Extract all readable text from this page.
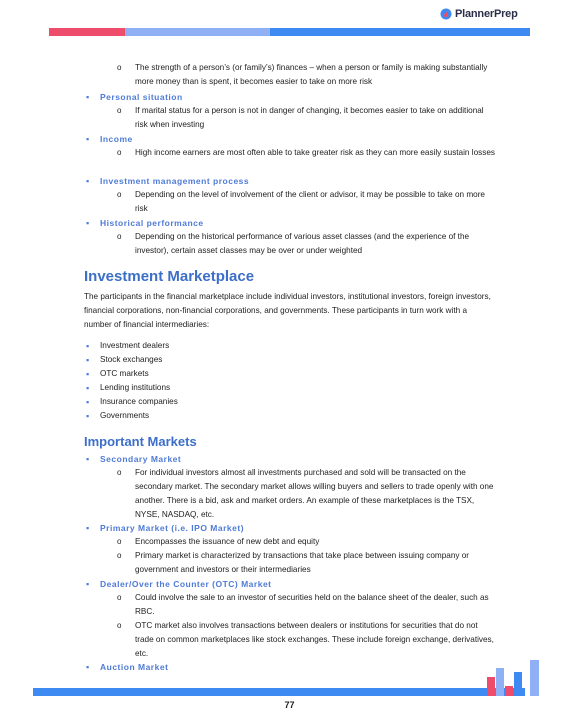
PlannerPrep
o The strength of a person’s (or family’s) finances – when a person or family is making substantially more money than is spent, it becomes easier to take on more risk
▪ Personal situation
o If marital status for a person is not in danger of changing, it becomes easier to take on additional risk when investing
▪ Income
o High income earners are most often able to take greater risk as they can more easily sustain losses
▪ Investment management process
o Depending on the level of involvement of the client or advisor, it may be possible to take on more risk
▪ Historical performance
o Depending on the historical performance of various asset classes (and the experience of the investor), certain asset classes may be over or under weighted
Investment Marketplace
The participants in the financial marketplace include individual investors, institutional investors, foreign investors, financial corporations, non-financial corporations, and governments. These participants in turn work with a number of financial intermediaries:
▪ Investment dealers
▪ Stock exchanges
▪ OTC markets
▪ Lending institutions
▪ Insurance companies
▪ Governments
Important Markets
▪ Secondary Market
o For individual investors almost all investments purchased and sold will be transacted on the secondary market. The secondary market allows willing buyers and sellers to trade openly with one another. There is a bid, ask and market orders. An example of these marketplaces is the TSX, NYSE, NASDAQ, etc.
▪ Primary Market (i.e. IPO Market)
o Encompasses the issuance of new debt and equity
o Primary market is characterized by transactions that take place between issuing company or government and investors or their intermediaries
▪ Dealer/Over the Counter (OTC) Market
o Could involve the sale to an investor of securities held on the balance sheet of the dealer, such as RBC.
o OTC market also involves transactions between dealers or institutions for securities that do not trade on common marketplaces like stock exchanges. These include foreign exchange, derivatives, etc.
▪ Auction Market
77
